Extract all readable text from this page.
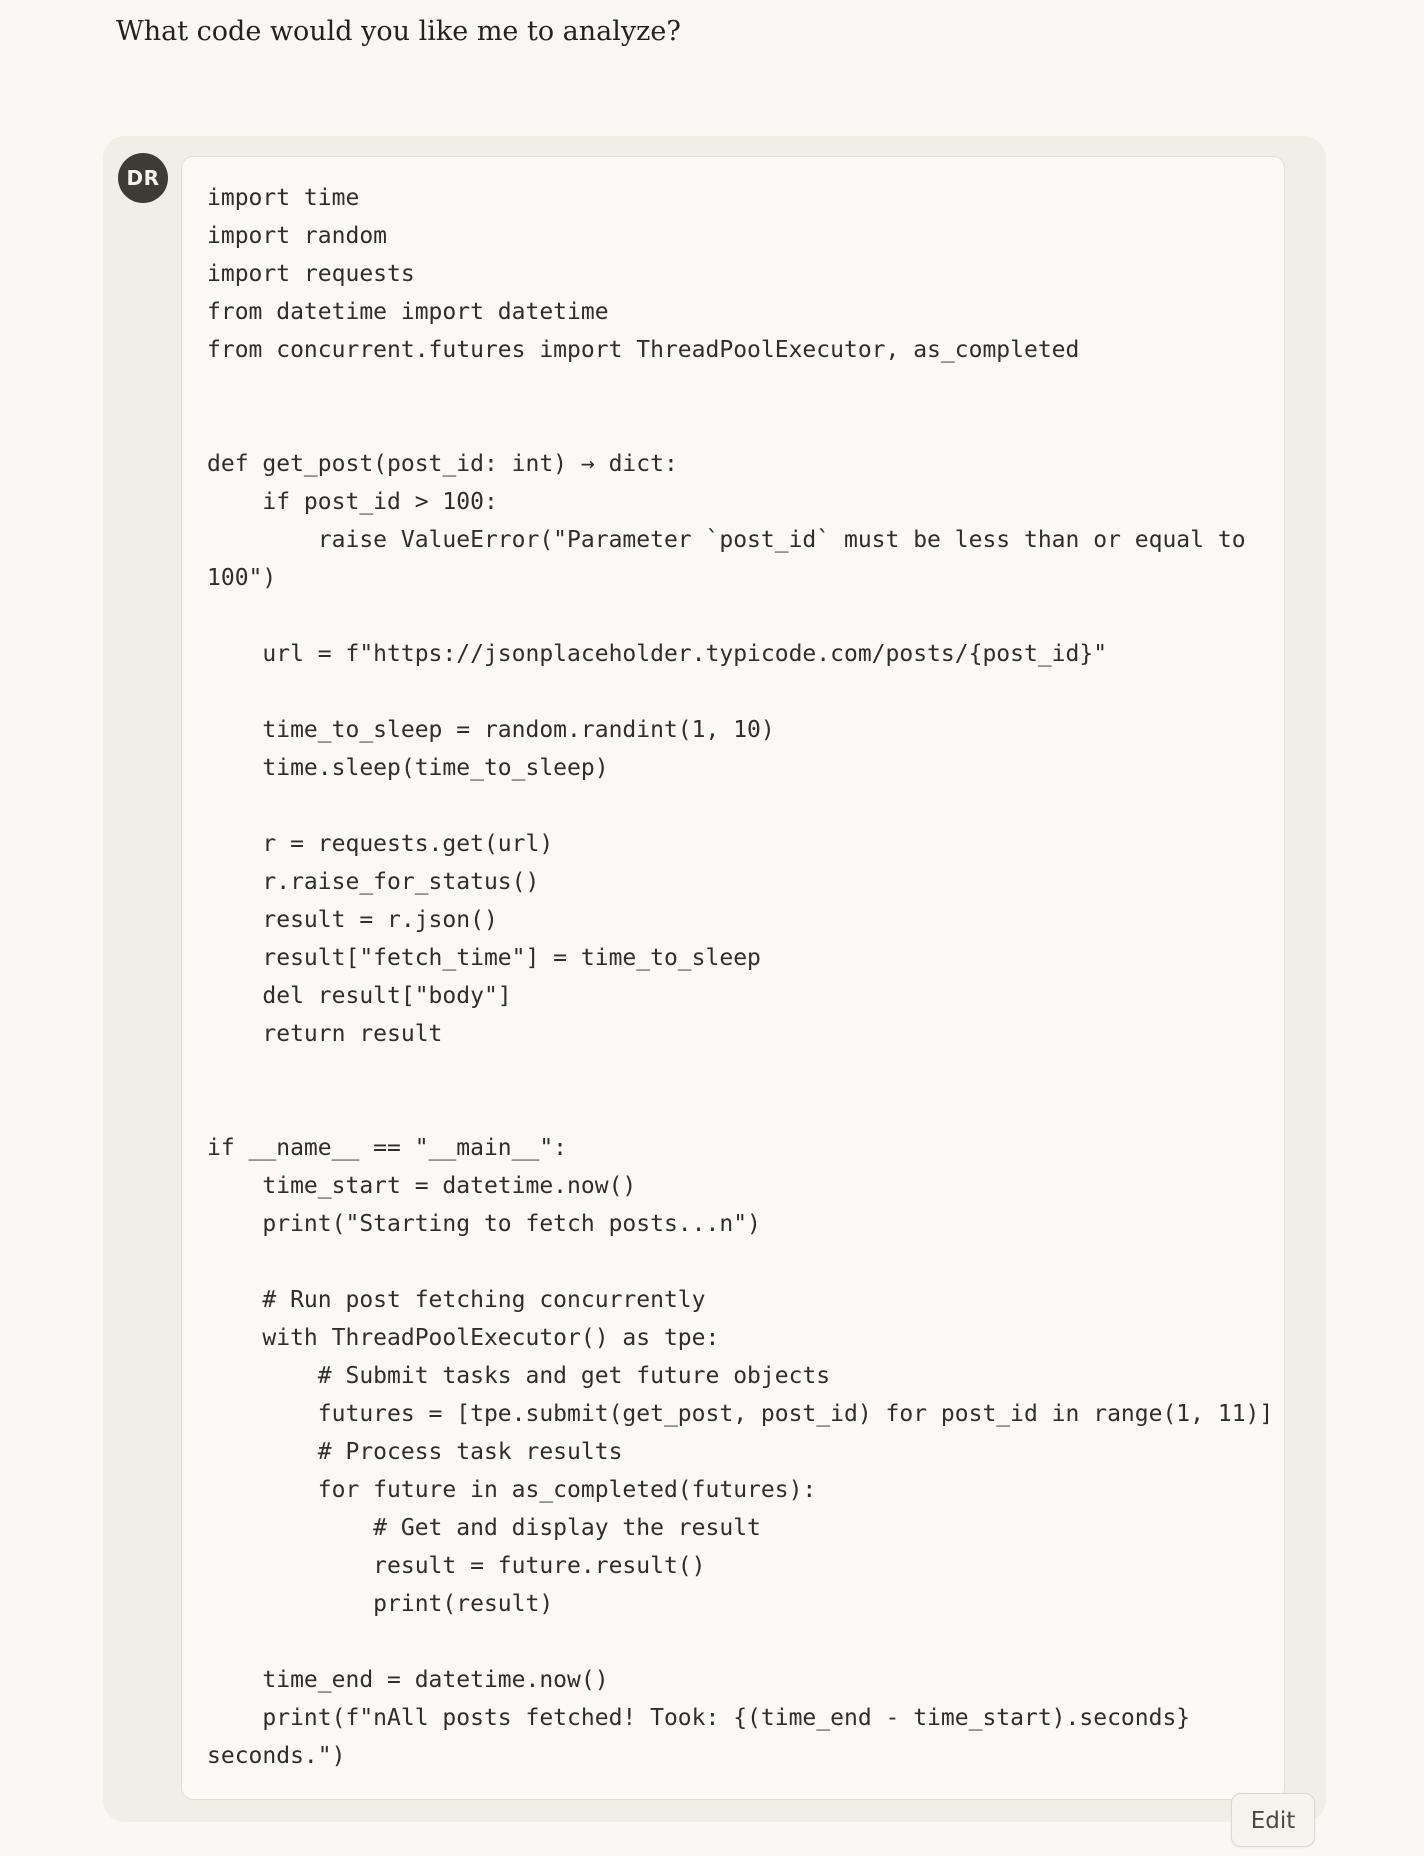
What code would you like me to analyze?

DR
import time
import random
import requests
from datetime import datetime
from concurrent.futures import ThreadPoolExecutor, as_completed

def get_post(post_id: int) → dict:
if post_id > 100:
raise ValueError("Parameter `post_id` must be less than or equal to
100")

url = f"https://jsonplaceholder.typicode.com/posts/{post_id}"

time_to_sleep = random.randint(1, 10)
time.sleep(time_to_sleep)

r = requests.get(url)
r.raise_for_status()
result = r.json()
result["fetch_time"] = time_to_sleep
del result["body"]
return result

if __name__ == "__main__":
time_start = datetime.now()
print("Starting to fetch posts...n")

# Run post fetching concurrently
with ThreadPoolExecutor() as tpe:
# Submit tasks and get future objects
futures = [tpe.submit(get_post, post_id) for post_id in range(1, 11)]
# Process task results
for future in as_completed(futures):
# Get and display the result
result = future.result()
print(result)

time_end = datetime.now()
print(f"nAll posts fetched! Took: {(time_end - time_start).seconds}
seconds.")
Edit
